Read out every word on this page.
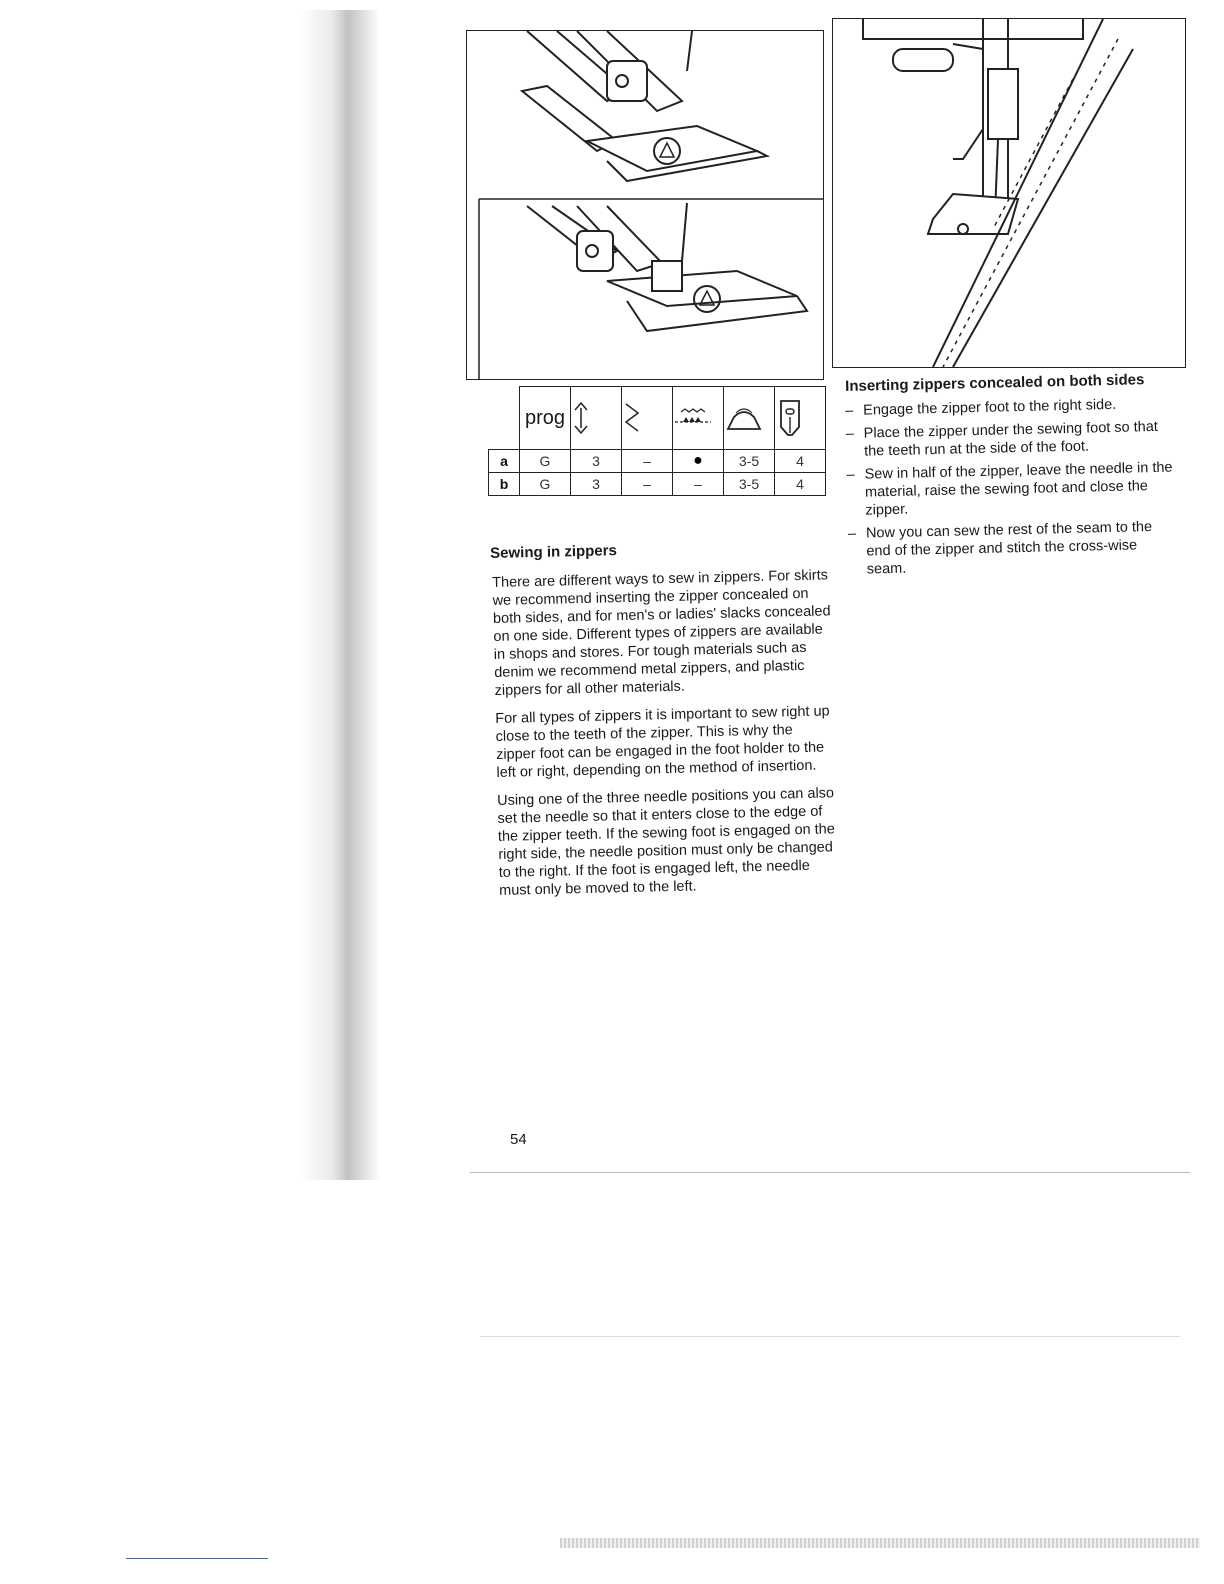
	prog	

a	G	3	–	●	3-5	4
b	G	3	–	–	3-5	4
Sewing in zippers

There are different ways to sew in zippers. For skirts we recommend inserting the zipper concealed on both sides, and for men's or ladies' slacks concealed on one side. Different types of zippers are available in shops and stores. For tough materials such as denim we recommend metal zippers, and plastic zippers for all other materials.

For all types of zippers it is important to sew right up close to the teeth of the zipper. This is why the zipper foot can be engaged in the foot holder to the left or right, depending on the method of insertion.

Using one of the three needle positions you can also set the needle so that it enters close to the edge of the zipper teeth. If the sewing foot is engaged on the right side, the needle position must only be changed to the right. If the foot is engaged left, the needle must only be moved to the left.

Inserting zippers concealed on both sides
– Engage the zipper foot to the right side.
– Place the zipper under the sewing foot so that the teeth run at the side of the foot.
– Sew in half of the zipper, leave the needle in the material, raise the sewing foot and close the zipper.
– Now you can sew the rest of the seam to the end of the zipper and stitch the cross-wise seam.
54
